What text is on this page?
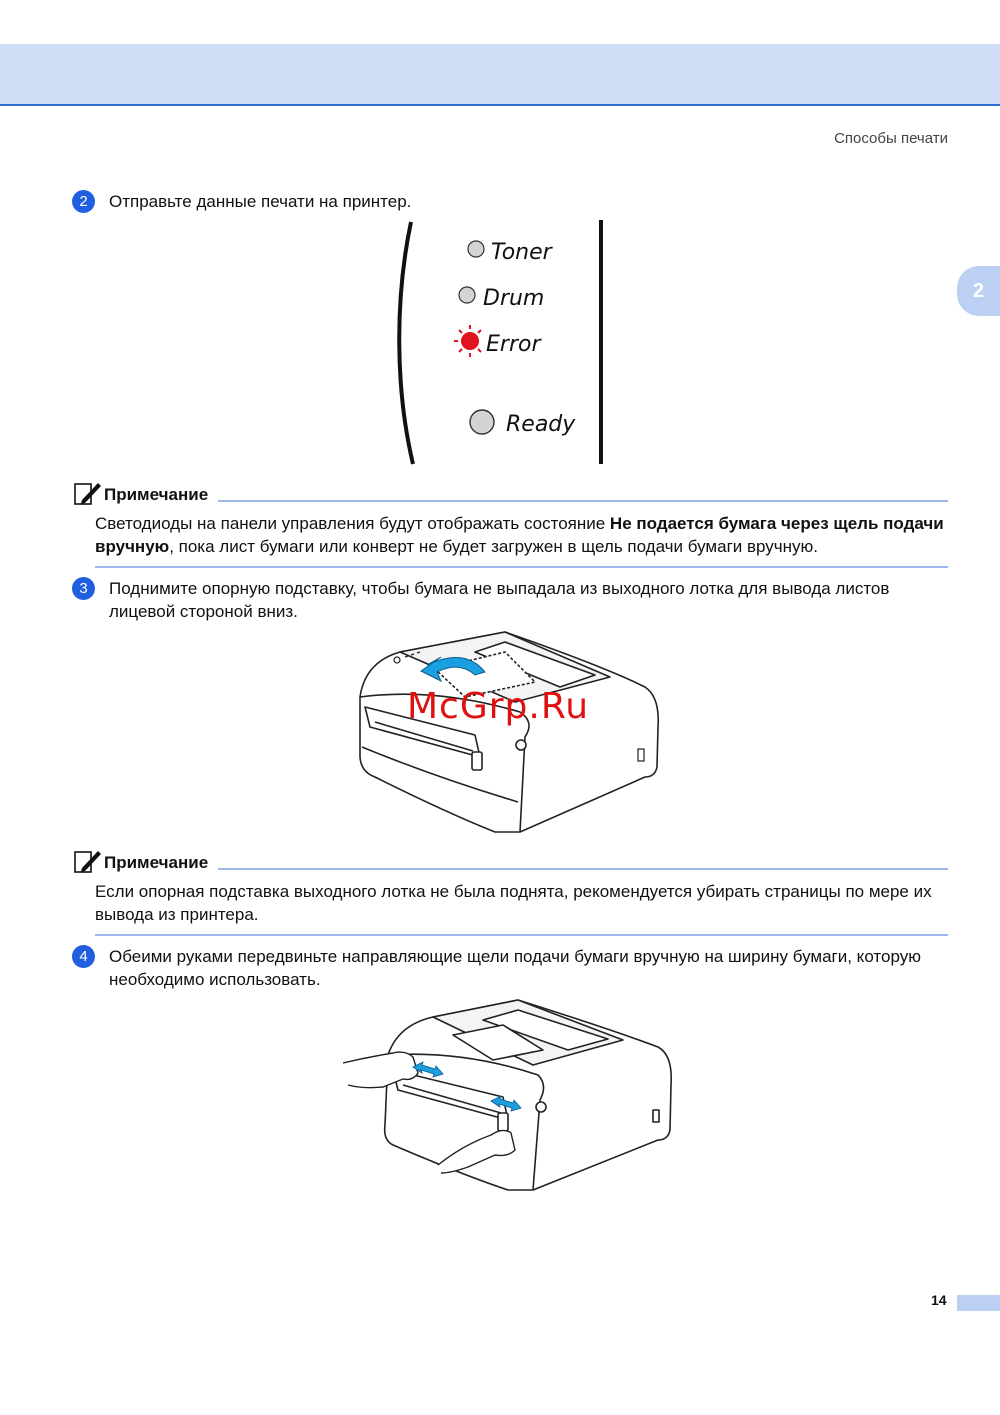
Способы печати
2
2	Отправьте данные печати на принтер.
Toner
Drum
Error
Ready
Примечание
Светодиоды на панели управления будут отображать состояние Не подается бумага через щель подачи вручную, пока лист бумаги или конверт не будет загружен в щель подачи бумаги вручную.
3	Поднимите опорную подставку, чтобы бумага не выпадала из выходного лотка для вывода листов лицевой стороной вниз.
Примечание
Если опорная подставка выходного лотка не была поднята, рекомендуется убирать страницы по мере их вывода из принтера.
4	Обеими руками передвиньте направляющие щели подачи бумаги вручную на ширину бумаги, которую необходимо использовать.
McGrp.Ru
14
